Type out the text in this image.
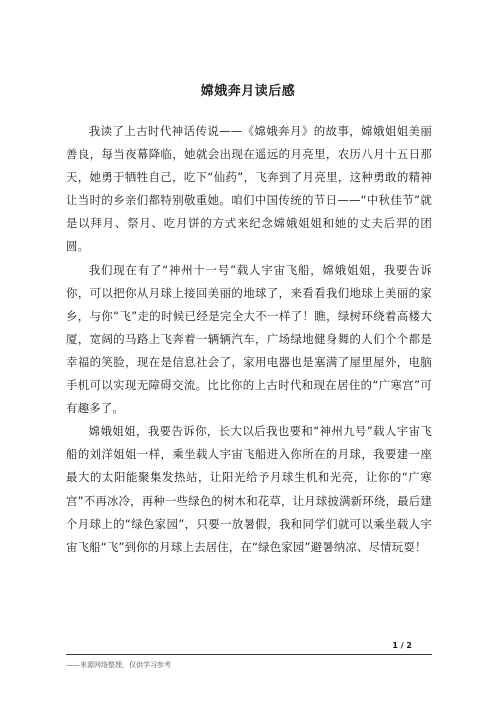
嫦娥奔月读后感

我读了上古时代神话传说——《嫦娥奔月》的故事，嫦娥姐姐美丽善良，每当夜幕降临，她就会出现在遥远的月亮里，农历八月十五日那天，她勇于牺牲自己，吃下“仙药”，飞奔到了月亮里，这种勇敢的精神让当时的乡亲们都特别敬重她。咱们中国传统的节日——“中秋佳节”就是以拜月、祭月、吃月饼的方式来纪念嫦娥姐姐和她的丈夫后羿的团圆。

我们现在有了“神州十一号”载人宇宙飞船，嫦娥姐姐，我要告诉你，可以把你从月球上接回美丽的地球了，来看看我们地球上美丽的家乡，与你“飞”走的时候已经是完全大不一样了！瞧，绿树环绕着高楼大厦，宽阔的马路上飞奔着一辆辆汽车，广场绿地健身舞的人们个个都是幸福的笑脸，现在是信息社会了，家用电器也是塞满了屋里屋外，电脑手机可以实现无障碍交流。比比你的上古时代和现在居住的“广寒宫”可有趣多了。

嫦娥姐姐，我要告诉你，长大以后我也要和“神州九号”载人宇宙飞船的刘洋姐姐一样，乘坐载人宇宙飞船进入你所在的月球，我要建一座最大的太阳能聚集发热站，让阳光给予月球生机和光亮，让你的“广寒宫”不再冰冷，再种一些绿色的树木和花草，让月球披满新环绕，最后建个月球上的“绿色家园”，只要一放暑假，我和同学们就可以乘坐载人宇宙飞船“飞”到你的月球上去居住，在“绿色家园”避暑纳凉、尽情玩耍！

1 / 2
——来源网络整理，仅供学习参考
